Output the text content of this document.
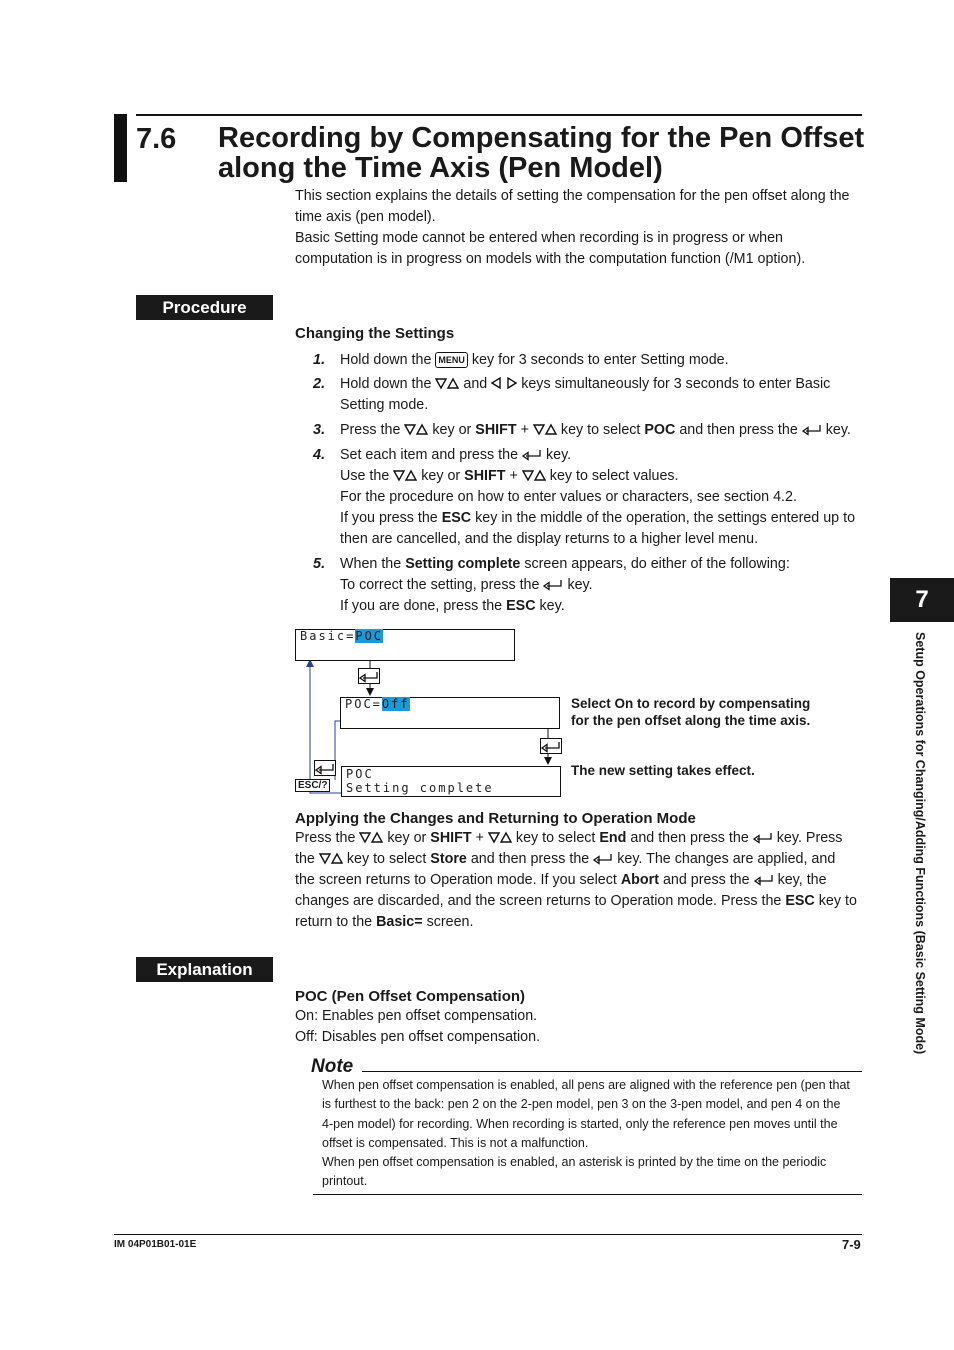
7.6 Recording by Compensating for the Pen Offset
along the Time Axis (Pen Model)
This section explains the details of setting the compensation for the pen offset along the
time axis (pen model).
Basic Setting mode cannot be entered when recording is in progress or when
computation is in progress on models with the computation function (/M1 option).
Procedure
Changing the Settings
1. Hold down the MENU key for 3 seconds to enter Setting mode.
2. Hold down the and keys simultaneously for 3 seconds to enter Basic
Setting mode.
3. Press the key or SHIFT + key to select POC and then press the key.
4. Set each item and press the key.
Use the key or SHIFT + key to select values.
For the procedure on how to enter values or characters, see section 4.2.
If you press the ESC key in the middle of the operation, the settings entered up to
then are cancelled, and the display returns to a higher level menu.
5. When the Setting complete screen appears, do either of the following:
To correct the setting, press the key.
If you are done, press the ESC key.
Basic=POC
POC=Off
ESC/?
POC
Setting complete
Select On to record by compensating
for the pen offset along the time axis.
The new setting takes effect.
Applying the Changes and Returning to Operation Mode
Press the key or SHIFT + key to select End and then press the key. Press
the key to select Store and then press the key. The changes are applied, and
the screen returns to Operation mode. If you select Abort and press the key, the
changes are discarded, and the screen returns to Operation mode. Press the ESC key to
return to the Basic= screen.
Explanation
POC (Pen Offset Compensation)
On: Enables pen offset compensation.
Off: Disables pen offset compensation.
Note
When pen offset compensation is enabled, all pens are aligned with the reference pen (pen that
is furthest to the back: pen 2 on the 2-pen model, pen 3 on the 3-pen model, and pen 4 on the
4-pen model) for recording. When recording is started, only the reference pen moves until the
offset is compensated. This is not a malfunction.
When pen offset compensation is enabled, an asterisk is printed by the time on the periodic
printout.
7
Setup Operations for Changing/Adding Functions (Basic Setting Mode)
IM 04P01B01-01E	7-9
